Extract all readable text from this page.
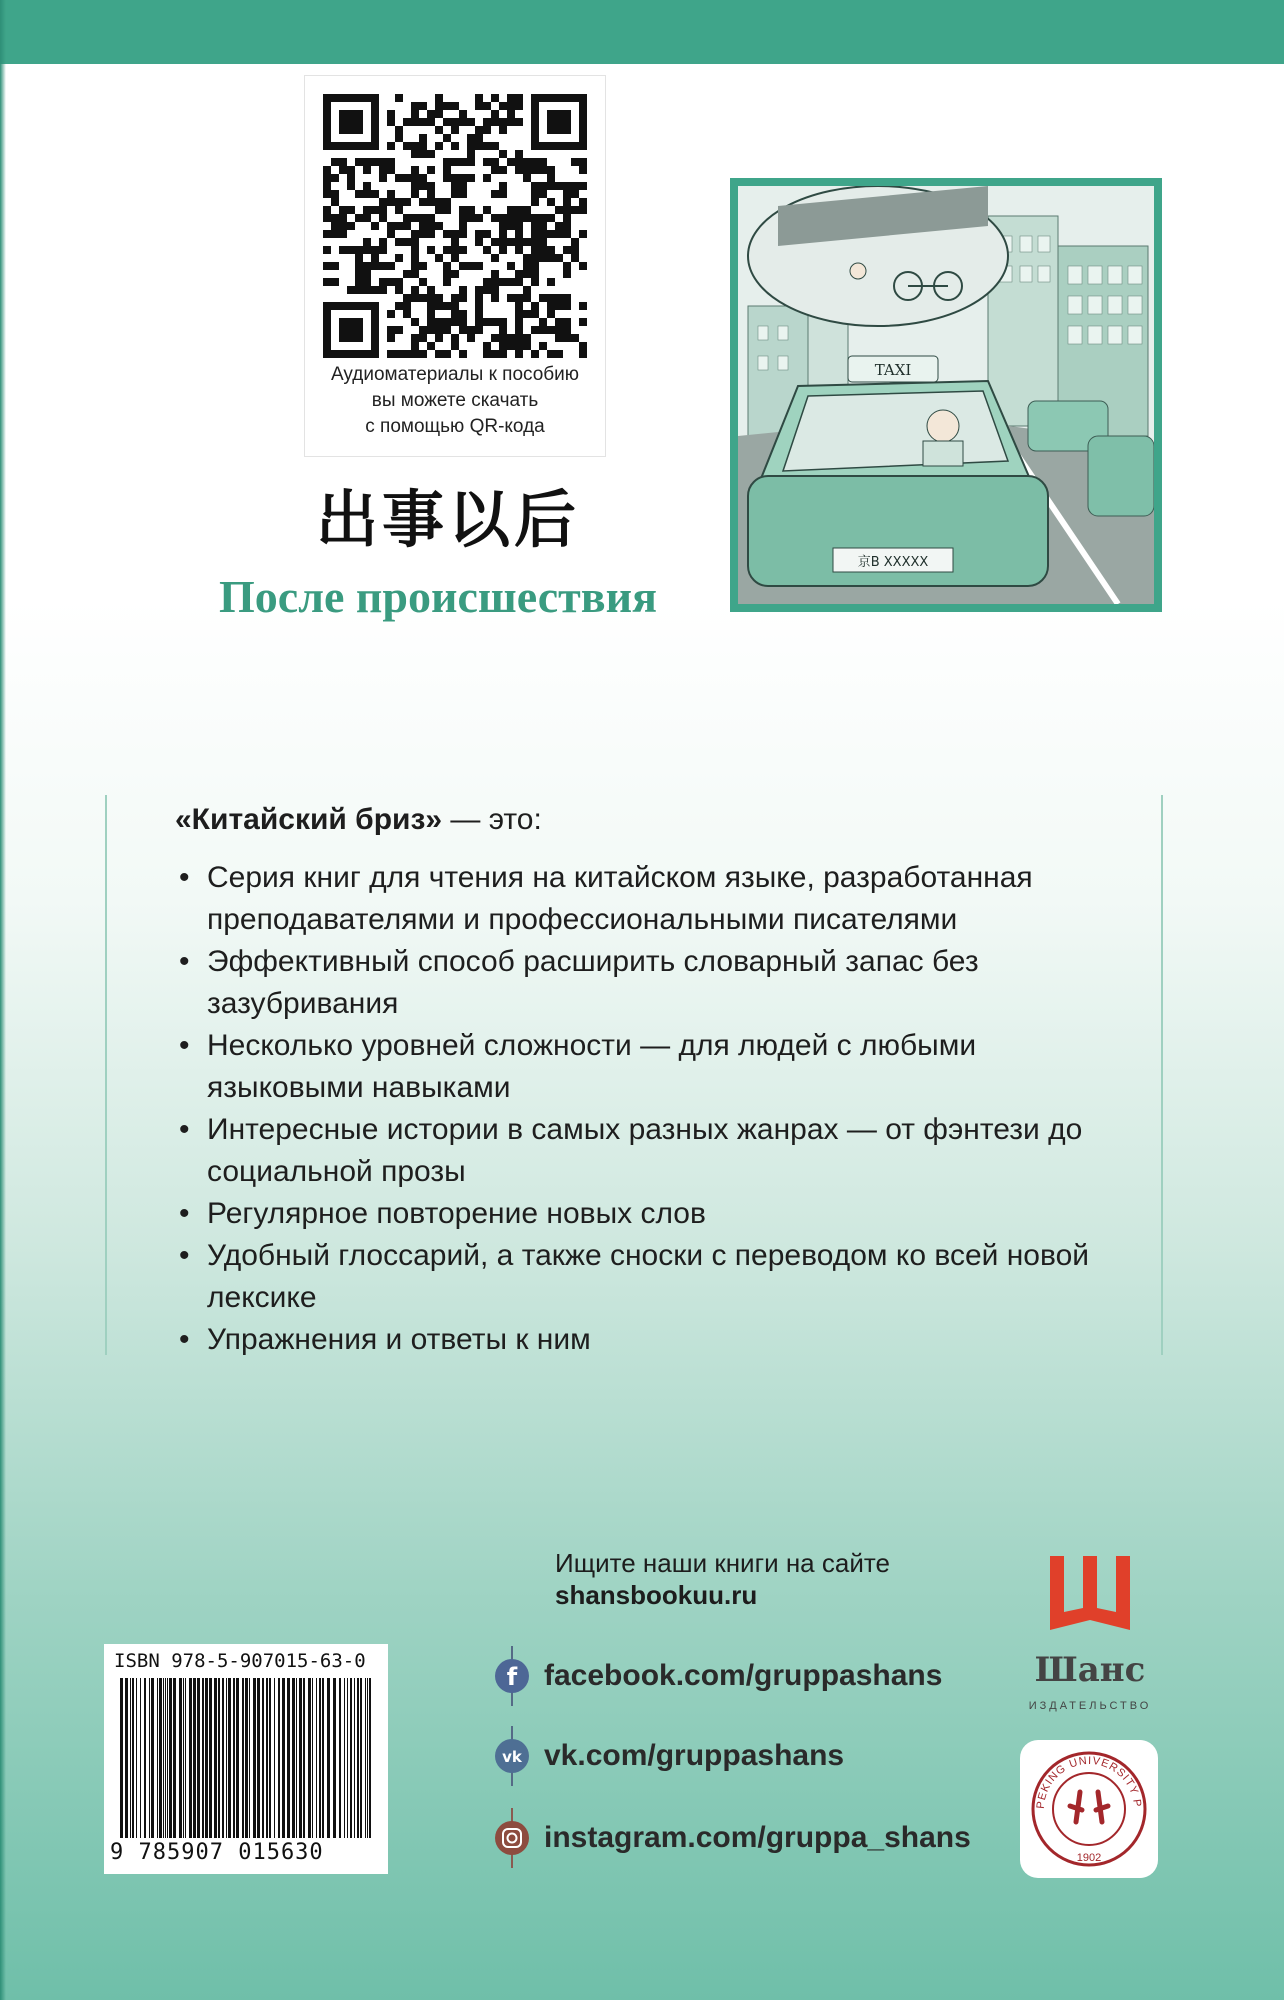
Аудиоматериалы к пособию
вы можете скачать
с помощью QR-кода
出事以后
После происшествия
TAXI
京B XXXXX
«Китайский бриз» — это:
• Серия книг для чтения на китайском языке, разработанная преподавателями и профессиональными писателями
• Эффективный способ расширить словарный запас без зазубривания
• Несколько уровней сложности — для людей с любыми языковыми навыками
• Интересные истории в самых разных жанрах — от фэнтези до социальной прозы
• Регулярное повторение новых слов
• Удобный глоссарий, а также сноски с переводом ко всей новой лексике
• Упражнения и ответы к ним
Ищите наши книги на сайте
shansbookuu.ru
f facebook.com/gruppashans
vk vk.com/gruppashans
instagram.com/gruppa_shans
ISBN 978-5-907015-63-0
9 785907 015630
Шанс
ИЗДАТЕЛЬСТВО
PEKING UNIVERSITY P
1902
